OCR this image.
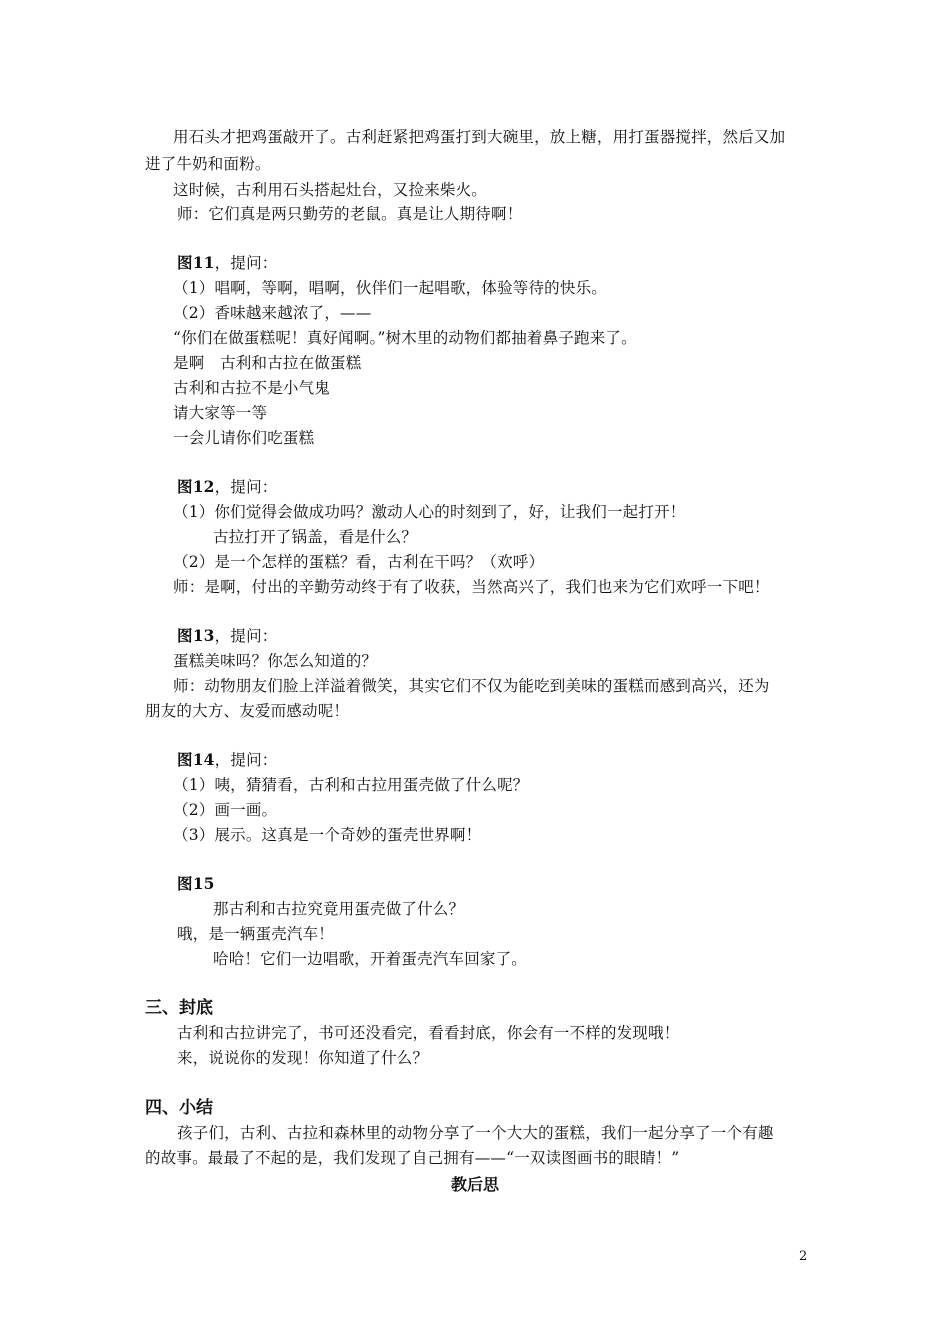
用石头才把鸡蛋敲开了。古利赶紧把鸡蛋打到大碗里，放上糖，用打蛋器搅拌，然后又加
进了牛奶和面粉。
这时候，古利用石头搭起灶台，又捡来柴火。
师：它们真是两只勤劳的老鼠。真是让人期待啊！
图11，提问：
（1）唱啊，等啊，唱啊，伙伴们一起唱歌，体验等待的快乐。
（2）香味越来越浓了，——
“你们在做蛋糕呢！真好闻啊。”树木里的动物们都抽着鼻子跑来了。
是啊　古利和古拉在做蛋糕
古利和古拉不是小气鬼
请大家等一等
一会儿请你们吃蛋糕
图12，提问：
（1）你们觉得会做成功吗？激动人心的时刻到了，好，让我们一起打开！
古拉打开了锅盖，看是什么？
（2）是一个怎样的蛋糕？看，古利在干吗？（欢呼）
师：是啊，付出的辛勤劳动终于有了收获，当然高兴了，我们也来为它们欢呼一下吧！
图13，提问：
蛋糕美味吗？你怎么知道的？
师：动物朋友们脸上洋溢着微笑，其实它们不仅为能吃到美味的蛋糕而感到高兴，还为
朋友的大方、友爱而感动呢！
图14，提问：
（1）咦，猜猜看，古利和古拉用蛋壳做了什么呢？
（2）画一画。
（3）展示。这真是一个奇妙的蛋壳世界啊！
图15
那古利和古拉究竟用蛋壳做了什么？
哦，是一辆蛋壳汽车！
哈哈！它们一边唱歌，开着蛋壳汽车回家了。
三、封底
古利和古拉讲完了，书可还没看完，看看封底，你会有一不样的发现哦！
来，说说你的发现！你知道了什么？
四、小结
孩子们，古利、古拉和森林里的动物分享了一个大大的蛋糕，我们一起分享了一个有趣
的故事。最最了不起的是，我们发现了自己拥有——“一双读图画书的眼睛！”
教后思
2
